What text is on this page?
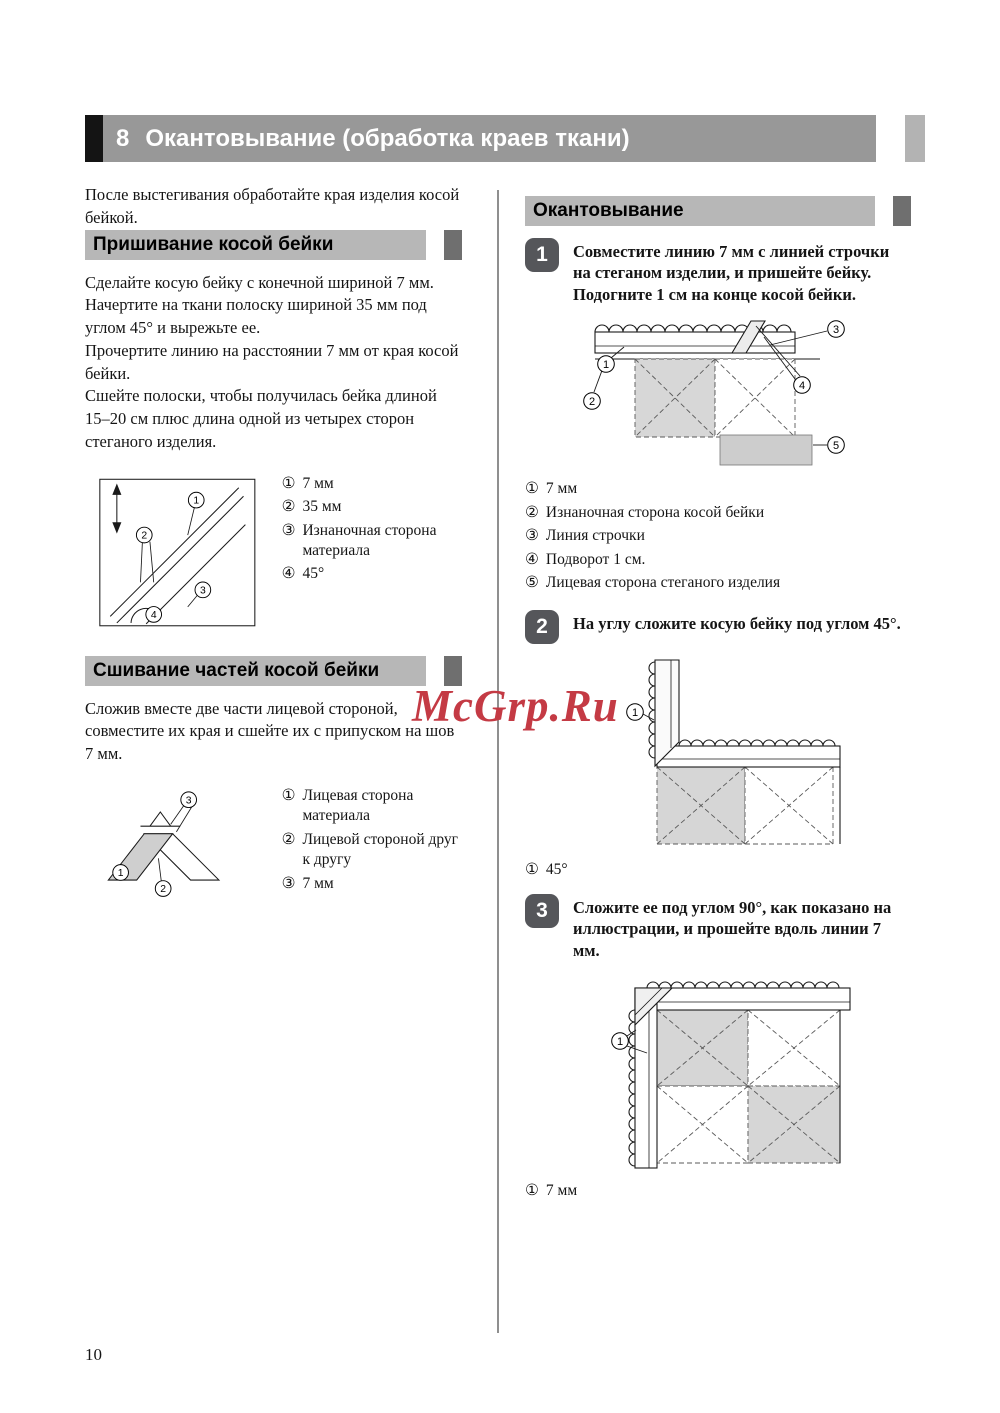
8 Окантовывание (обработка краев ткани)

После выстегивания обработайте края изделия косой бейкой.

Пришивание косой бейки

Сделайте косую бейку с конечной шириной 7 мм. Начертите на ткани полоску шириной 35 мм под углом 45° и вырежьте ее.

Прочертите линию на расстоянии 7 мм от края косой бейки.

Сшейте полоски, чтобы получилась бейка длиной 15–20 см плюс длина одной из четырех сторон стеганого изделия.

1
2
3
4
① 7 мм
② 35 мм
③ Изнаночная сторона материала
④ 45°
Сшивание частей косой бейки

Сложив вместе две части лицевой стороной, совместите их края и сшейте их с припуском на шов 7 мм.

3
1
2
① Лицевая сторона материала
② Лицевой стороной друг к другу
③ 7 мм
Окантовывание
1	Совместите линию 7 мм с линией строчки на стеганом изделии, и пришейте бейку. Подогните 1 см на конце косой бейки.
1
2
3
4
5
① 7 мм
② Изнаночная сторона косой бейки
③ Линия строчки
④ Подворот 1 см.
⑤ Лицевая сторона стеганого изделия
2	На углу сложите косую бейку под углом 45°.
1
① 45°
3	Сложите ее под углом 90°, как показано на иллюстрации, и прошейте вдоль линии 7 мм.
1
① 7 мм
McGrp.Ru
10
